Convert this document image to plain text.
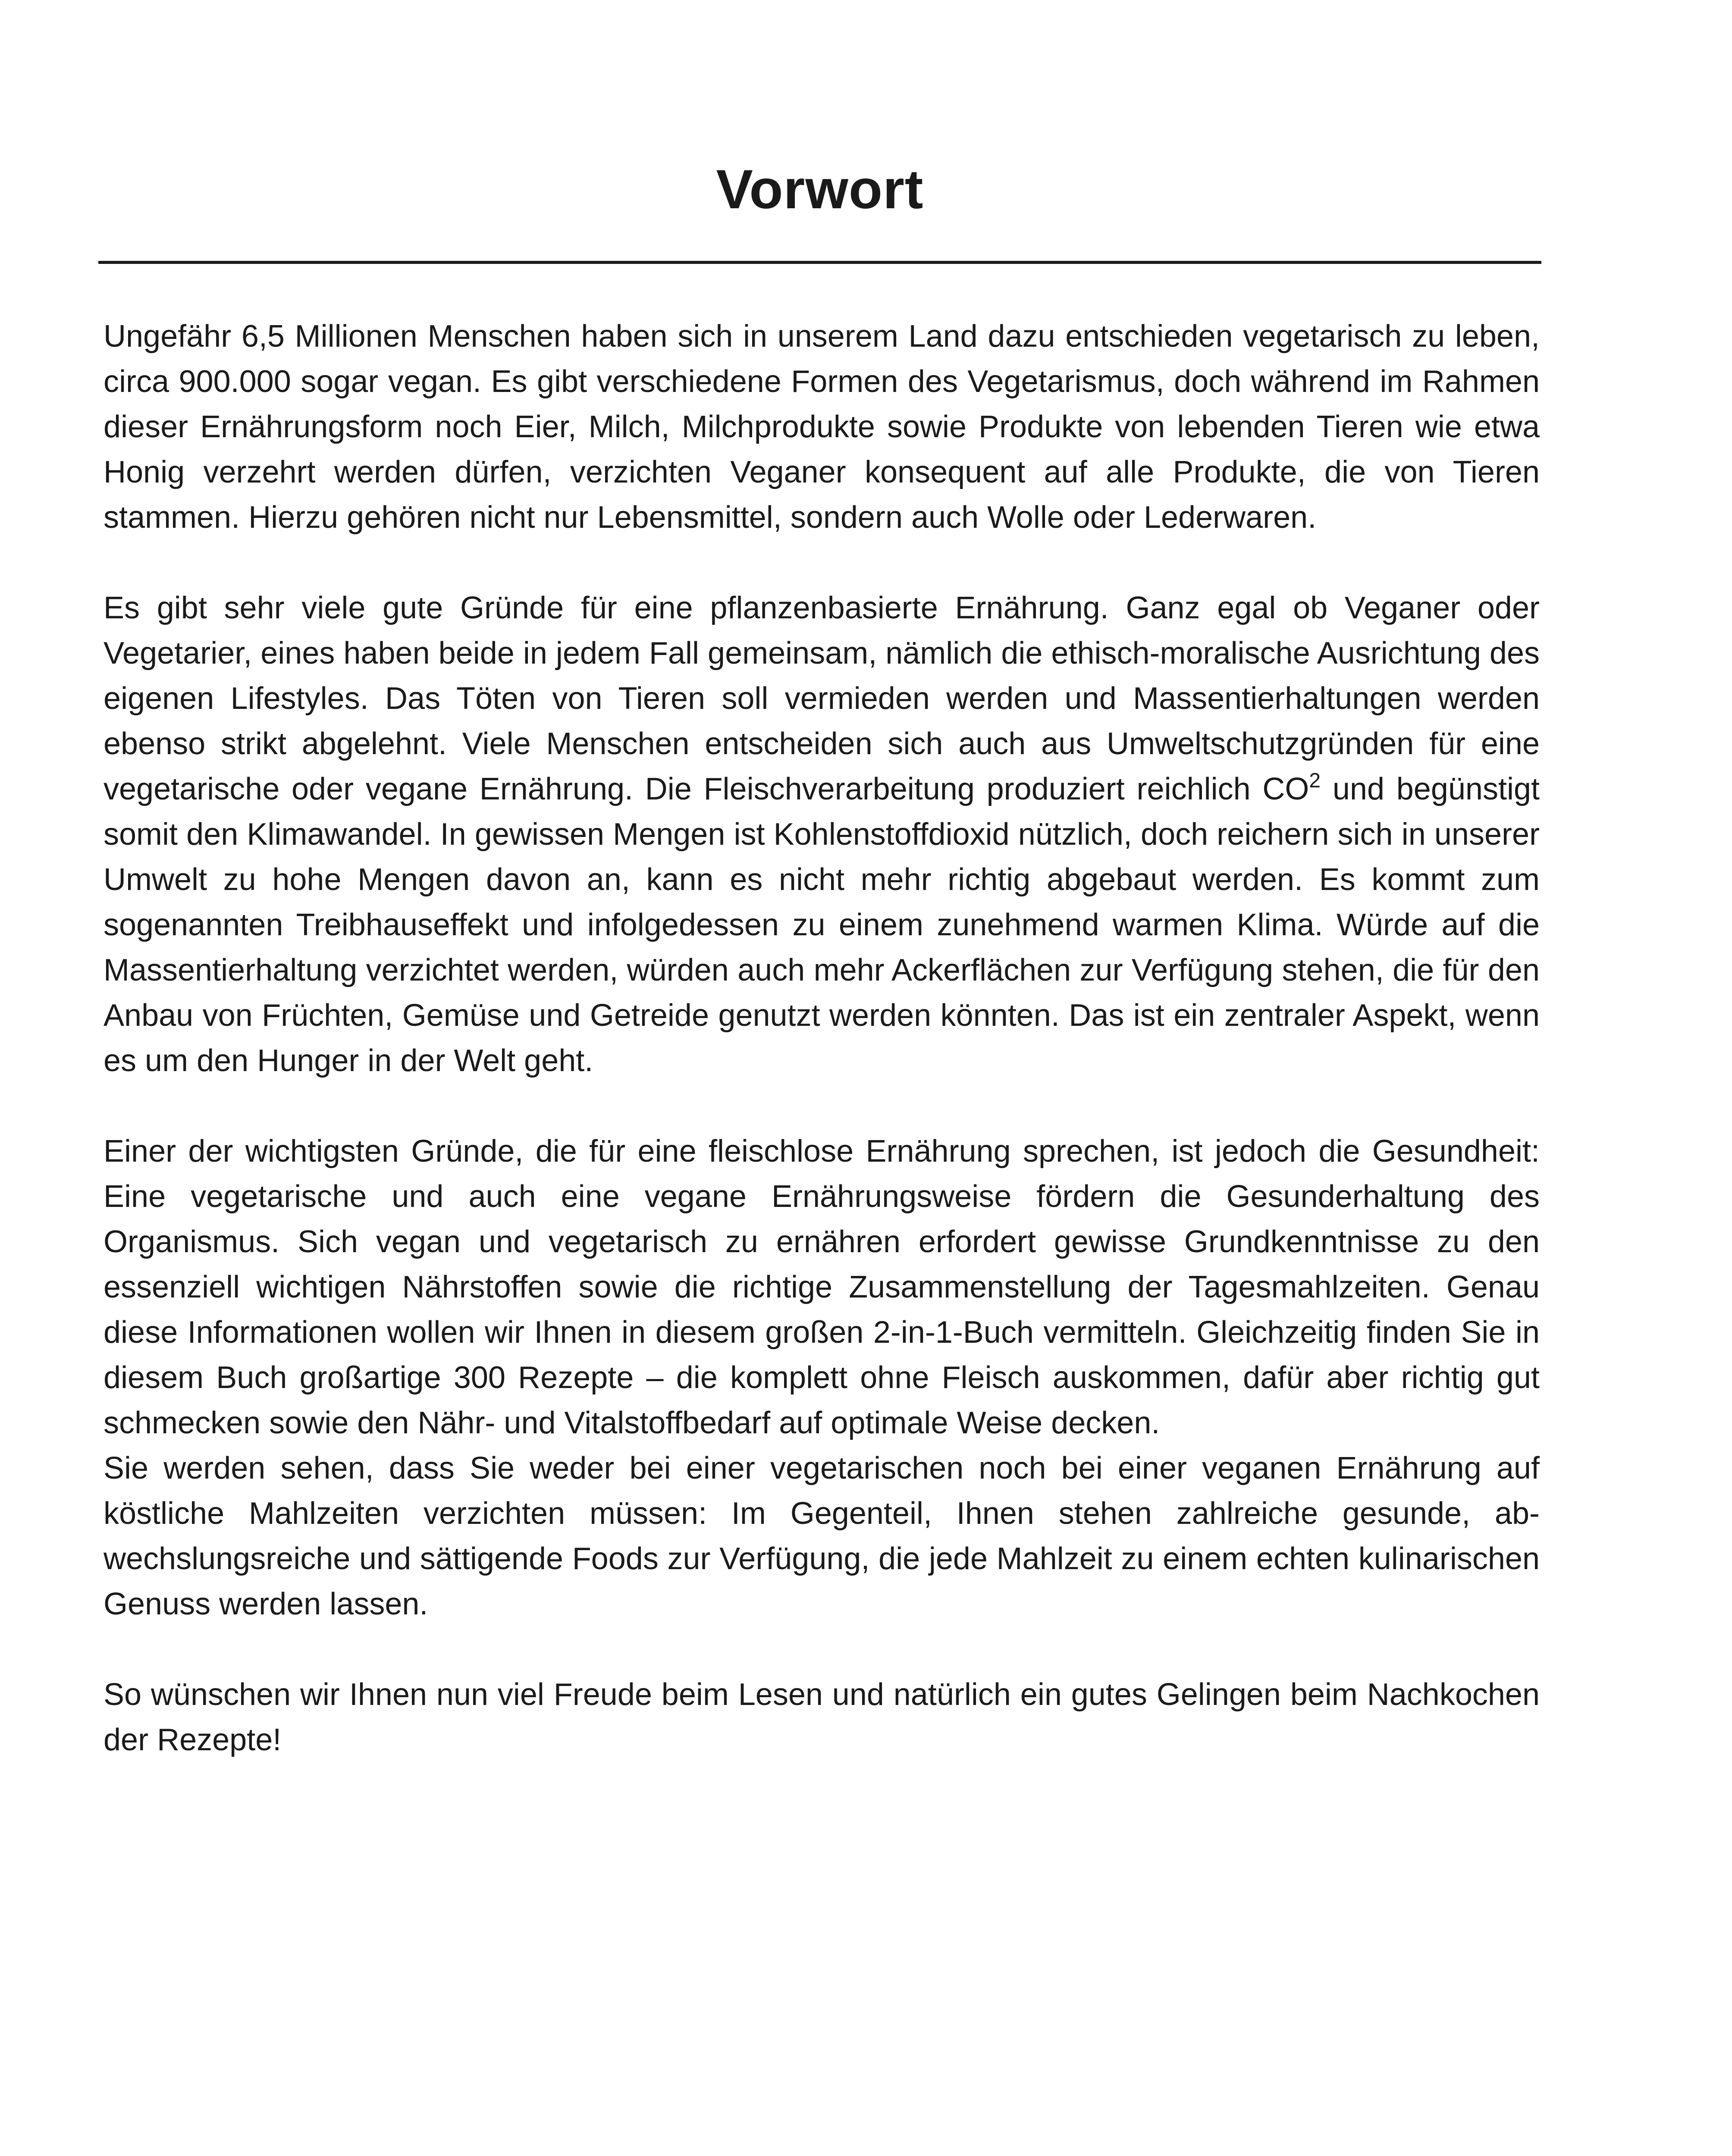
Vorwort

Ungefähr 6,5 Millionen Menschen haben sich in unserem Land dazu entschieden vegetarisch zu leben, circa 900.000 sogar vegan. Es gibt verschiedene Formen des Vegetarismus, doch während im Rahmen dieser Ernährungsform noch Eier, Milch, Milchprodukte sowie Produkte von lebenden Tieren wie etwa Honig verzehrt werden dürfen, verzichten Veganer konsequent auf alle Produkte, die von Tieren stammen. Hierzu gehören nicht nur Lebensmittel, sondern auch Wolle oder Lederwaren.

Es gibt sehr viele gute Gründe für eine pflanzenbasierte Ernährung. Ganz egal ob Veganer oder Vegetarier, eines haben beide in jedem Fall gemeinsam, nämlich die ethisch-moralische Ausrichtung des eigenen Lifestyles. Das Töten von Tieren soll vermieden werden und Massentierhaltungen werden ebenso strikt abgelehnt. Viele Menschen entscheiden sich auch aus Umweltschutzgründen für eine vegetarische oder vegane Ernährung. Die Fleischverarbeitung produziert reichlich $CO^2$ und begünstigt somit den Klimawandel. In gewissen Mengen ist Kohlenstoffdioxid nützlich, doch reichern sich in unserer Umwelt zu hohe Mengen davon an, kann es nicht mehr richtig abgebaut werden. Es kommt zum sogenannten Treibhauseffekt und infolgedessen zu einem zunehmend warmen Klima. Würde auf die Massentierhaltung verzichtet werden, würden auch mehr Ackerflächen zur Verfügung stehen, die für den Anbau von Früchten, Gemüse und Getreide genutzt werden könnten. Das ist ein zentraler Aspekt, wenn es um den Hunger in der Welt geht.

Einer der wichtigsten Gründe, die für eine fleischlose Ernährung sprechen, ist jedoch die Gesundheit: Eine vegetarische und auch eine vegane Ernährungsweise fördern die Gesunderhaltung des Organismus. Sich vegan und vegetarisch zu ernähren erfordert gewisse Grundkenntnisse zu den essenziell wichtigen Nährstoffen sowie die richtige Zusammenstellung der Tagesmahlzeiten. Genau diese Informationen wollen wir Ihnen in diesem großen 2-in-1-Buch vermitteln. Gleichzeitig finden Sie in diesem Buch großartige 300 Rezepte – die komplett ohne Fleisch auskommen, dafür aber richtig gut schmecken sowie den Nähr- und Vitalstoffbedarf auf optimale Weise decken.

Sie werden sehen, dass Sie weder bei einer vegetarischen noch bei einer veganen Ernährung auf köstliche Mahlzeiten verzichten müssen: Im Gegenteil, Ihnen stehen zahlreiche gesunde, abwechslungsreiche und sättigende Foods zur Verfügung, die jede Mahlzeit zu einem echten kulinarischen Genuss werden lassen.

So wünschen wir Ihnen nun viel Freude beim Lesen und natürlich ein gutes Gelingen beim Nachkochen der Rezepte!
